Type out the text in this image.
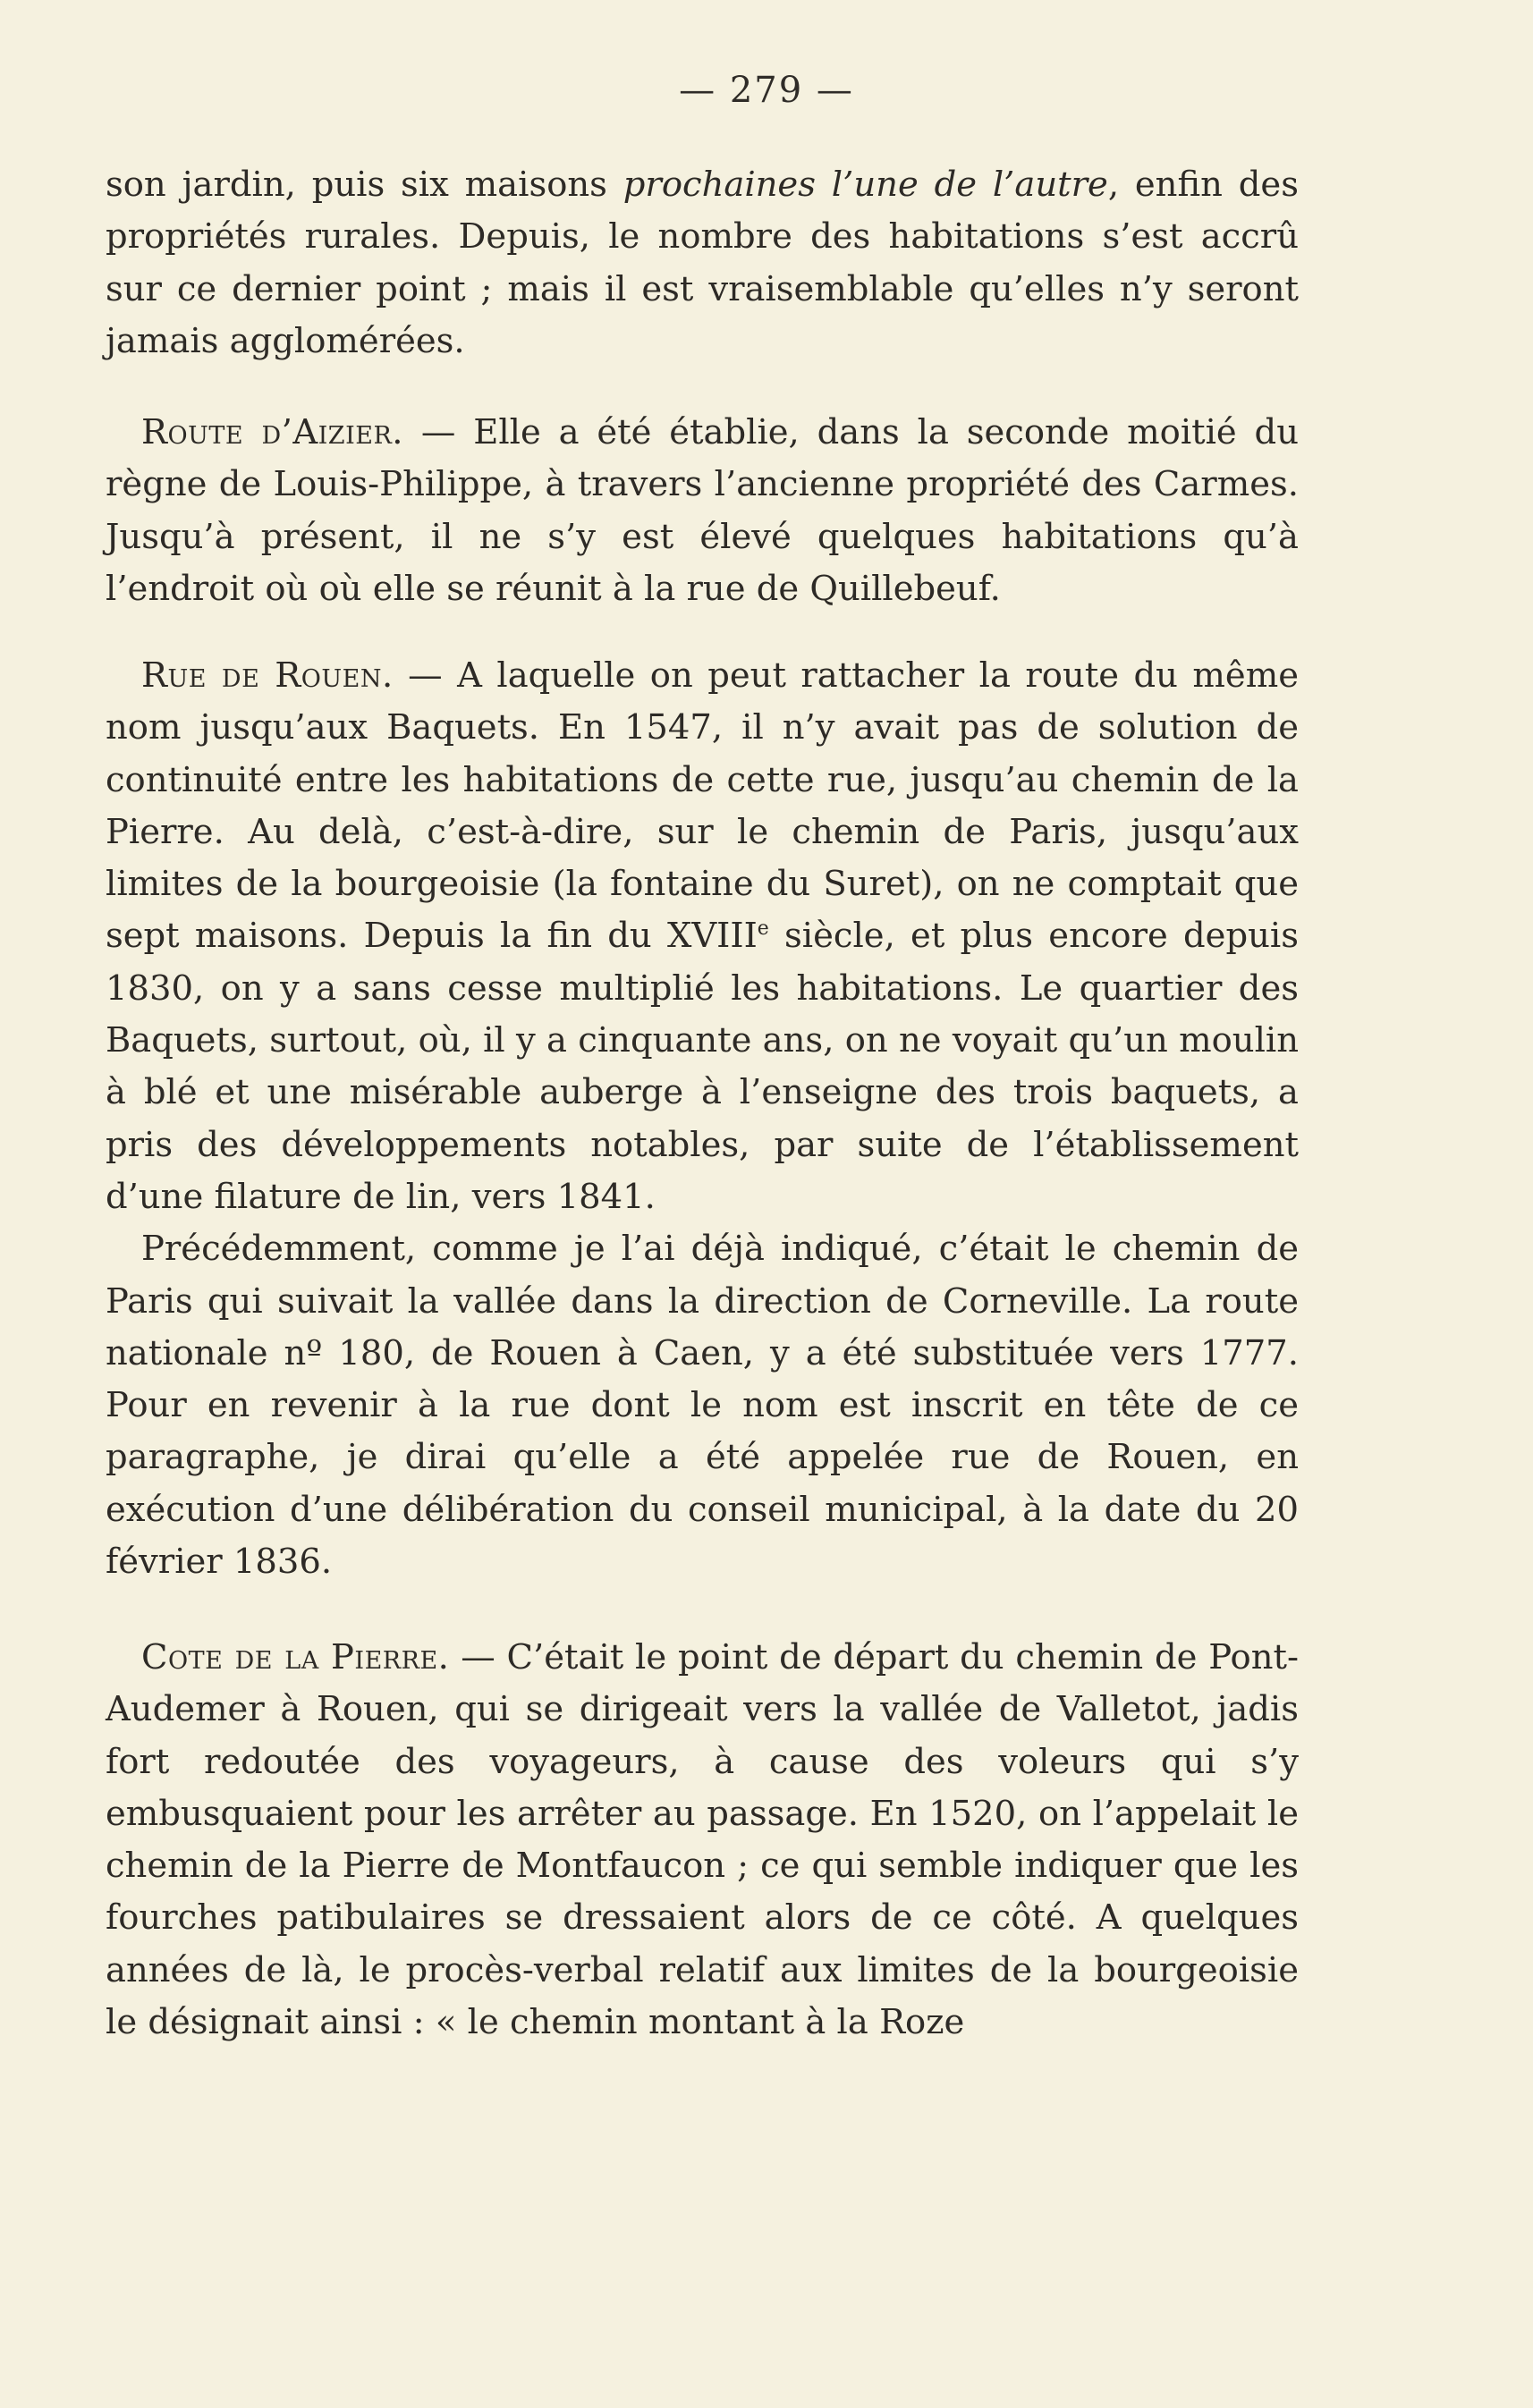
— 279 —

son jardin, puis six maisons prochaines l’une de l’autre, enfin des propriétés rurales. Depuis, le nombre des habitations s’est accrû sur ce dernier point ; mais il est vraisemblable qu’elles n’y seront jamais agglomérées.

Route d’Aizier. — Elle a été établie, dans la seconde moitié du règne de Louis-Philippe, à travers l’ancienne propriété des Carmes. Jusqu’à présent, il ne s’y est élevé quelques habitations qu’à l’endroit où où elle se réunit à la rue de Quillebeuf.

Rue de Rouen. — A laquelle on peut rattacher la route du même nom jusqu’aux Baquets. En 1547, il n’y avait pas de solution de continuité entre les habitations de cette rue, jusqu’au chemin de la Pierre. Au delà, c’est-à-dire, sur le chemin de Paris, jusqu’aux limites de la bourgeoisie (la fontaine du Suret), on ne comptait que sept maisons. Depuis la fin du XVIIIe siècle, et plus encore depuis 1830, on y a sans cesse multiplié les habitations. Le quartier des Baquets, surtout, où, il y a cinquante ans, on ne voyait qu’un moulin à blé et une misérable auberge à l’enseigne des trois baquets, a pris des développements notables, par suite de l’établissement d’une filature de lin, vers 1841.

Précédemment, comme je l’ai déjà indiqué, c’était le chemin de Paris qui suivait la vallée dans la direction de Corneville. La route nationale nº 180, de Rouen à Caen, y a été substituée vers 1777. Pour en revenir à la rue dont le nom est inscrit en tête de ce paragraphe, je dirai qu’elle a été appelée rue de Rouen, en exécution d’une délibération du conseil municipal, à la date du 20 février 1836.

Cote de la Pierre. — C’était le point de départ du chemin de Pont-Audemer à Rouen, qui se dirigeait vers la vallée de Valletot, jadis fort redoutée des voyageurs, à cause des voleurs qui s’y embusquaient pour les arrêter au passage. En 1520, on l’appelait le chemin de la Pierre de Montfaucon ; ce qui semble indiquer que les fourches patibulaires se dressaient alors de ce côté. A quelques années de là, le procès-verbal relatif aux limites de la bourgeoisie le désignait ainsi : « le chemin montant à la Roze
